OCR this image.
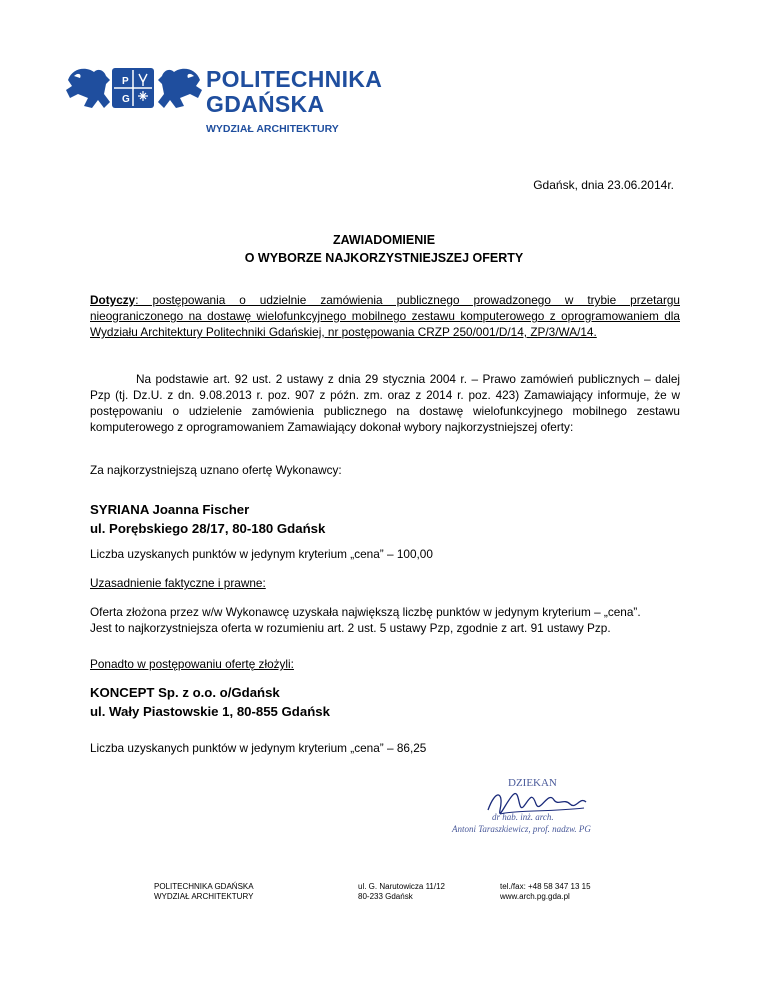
P
G
POLITECHNIKA
GDAŃSKA
WYDZIAŁ ARCHITEKTURY
Gdańsk, dnia 23.06.2014r.
ZAWIADOMIENIE
O WYBORZE NAJKORZYSTNIEJSZEJ OFERTY
Dotyczy: postępowania o udzielnie zamówienia publicznego prowadzonego w trybie przetargu nieograniczonego na dostawę wielofunkcyjnego mobilnego zestawu komputerowego z oprogramowaniem dla Wydziału Architektury Politechniki Gdańskiej, nr postępowania CRZP 250/001/D/14, ZP/3/WA/14.
Na podstawie art. 92 ust. 2 ustawy z dnia 29 stycznia 2004 r. – Prawo zamówień publicznych – dalej Pzp (tj. Dz.U. z dn. 9.08.2013 r. poz. 907 z późn. zm. oraz z 2014 r. poz. 423) Zamawiający informuje, że w postępowaniu o udzielenie zamówienia publicznego na dostawę wielofunkcyjnego mobilnego zestawu komputerowego z oprogramowaniem Zamawiający dokonał wybory najkorzystniejszej oferty:
Za najkorzystniejszą uznano ofertę Wykonawcy:
SYRIANA Joanna Fischer
ul. Porębskiego 28/17, 80-180 Gdańsk
Liczba uzyskanych punktów w jedynym kryterium „cena” – 100,00
Uzasadnienie faktyczne i prawne:
Oferta złożona przez w/w Wykonawcę uzyskała największą liczbę punktów w jedynym kryterium – „cena”.
Jest to najkorzystniejsza oferta w rozumieniu art. 2 ust. 5 ustawy Pzp, zgodnie z art. 91 ustawy Pzp.
Ponadto w postępowaniu ofertę złożyli:
KONCEPT Sp. z o.o. o/Gdańsk
ul. Wały Piastowskie 1, 80-855 Gdańsk
Liczba uzyskanych punktów w jedynym kryterium „cena” – 86,25
DZIEKAN
dr hab. inż. arch.
Antoni Taraszkiewicz, prof. nadzw. PG
POLITECHNIKA GDAŃSKA
WYDZIAŁ ARCHITEKTURY
ul. G. Narutowicza 11/12
80-233 Gdańsk
tel./fax: +48 58 347 13 15
www.arch.pg.gda.pl
